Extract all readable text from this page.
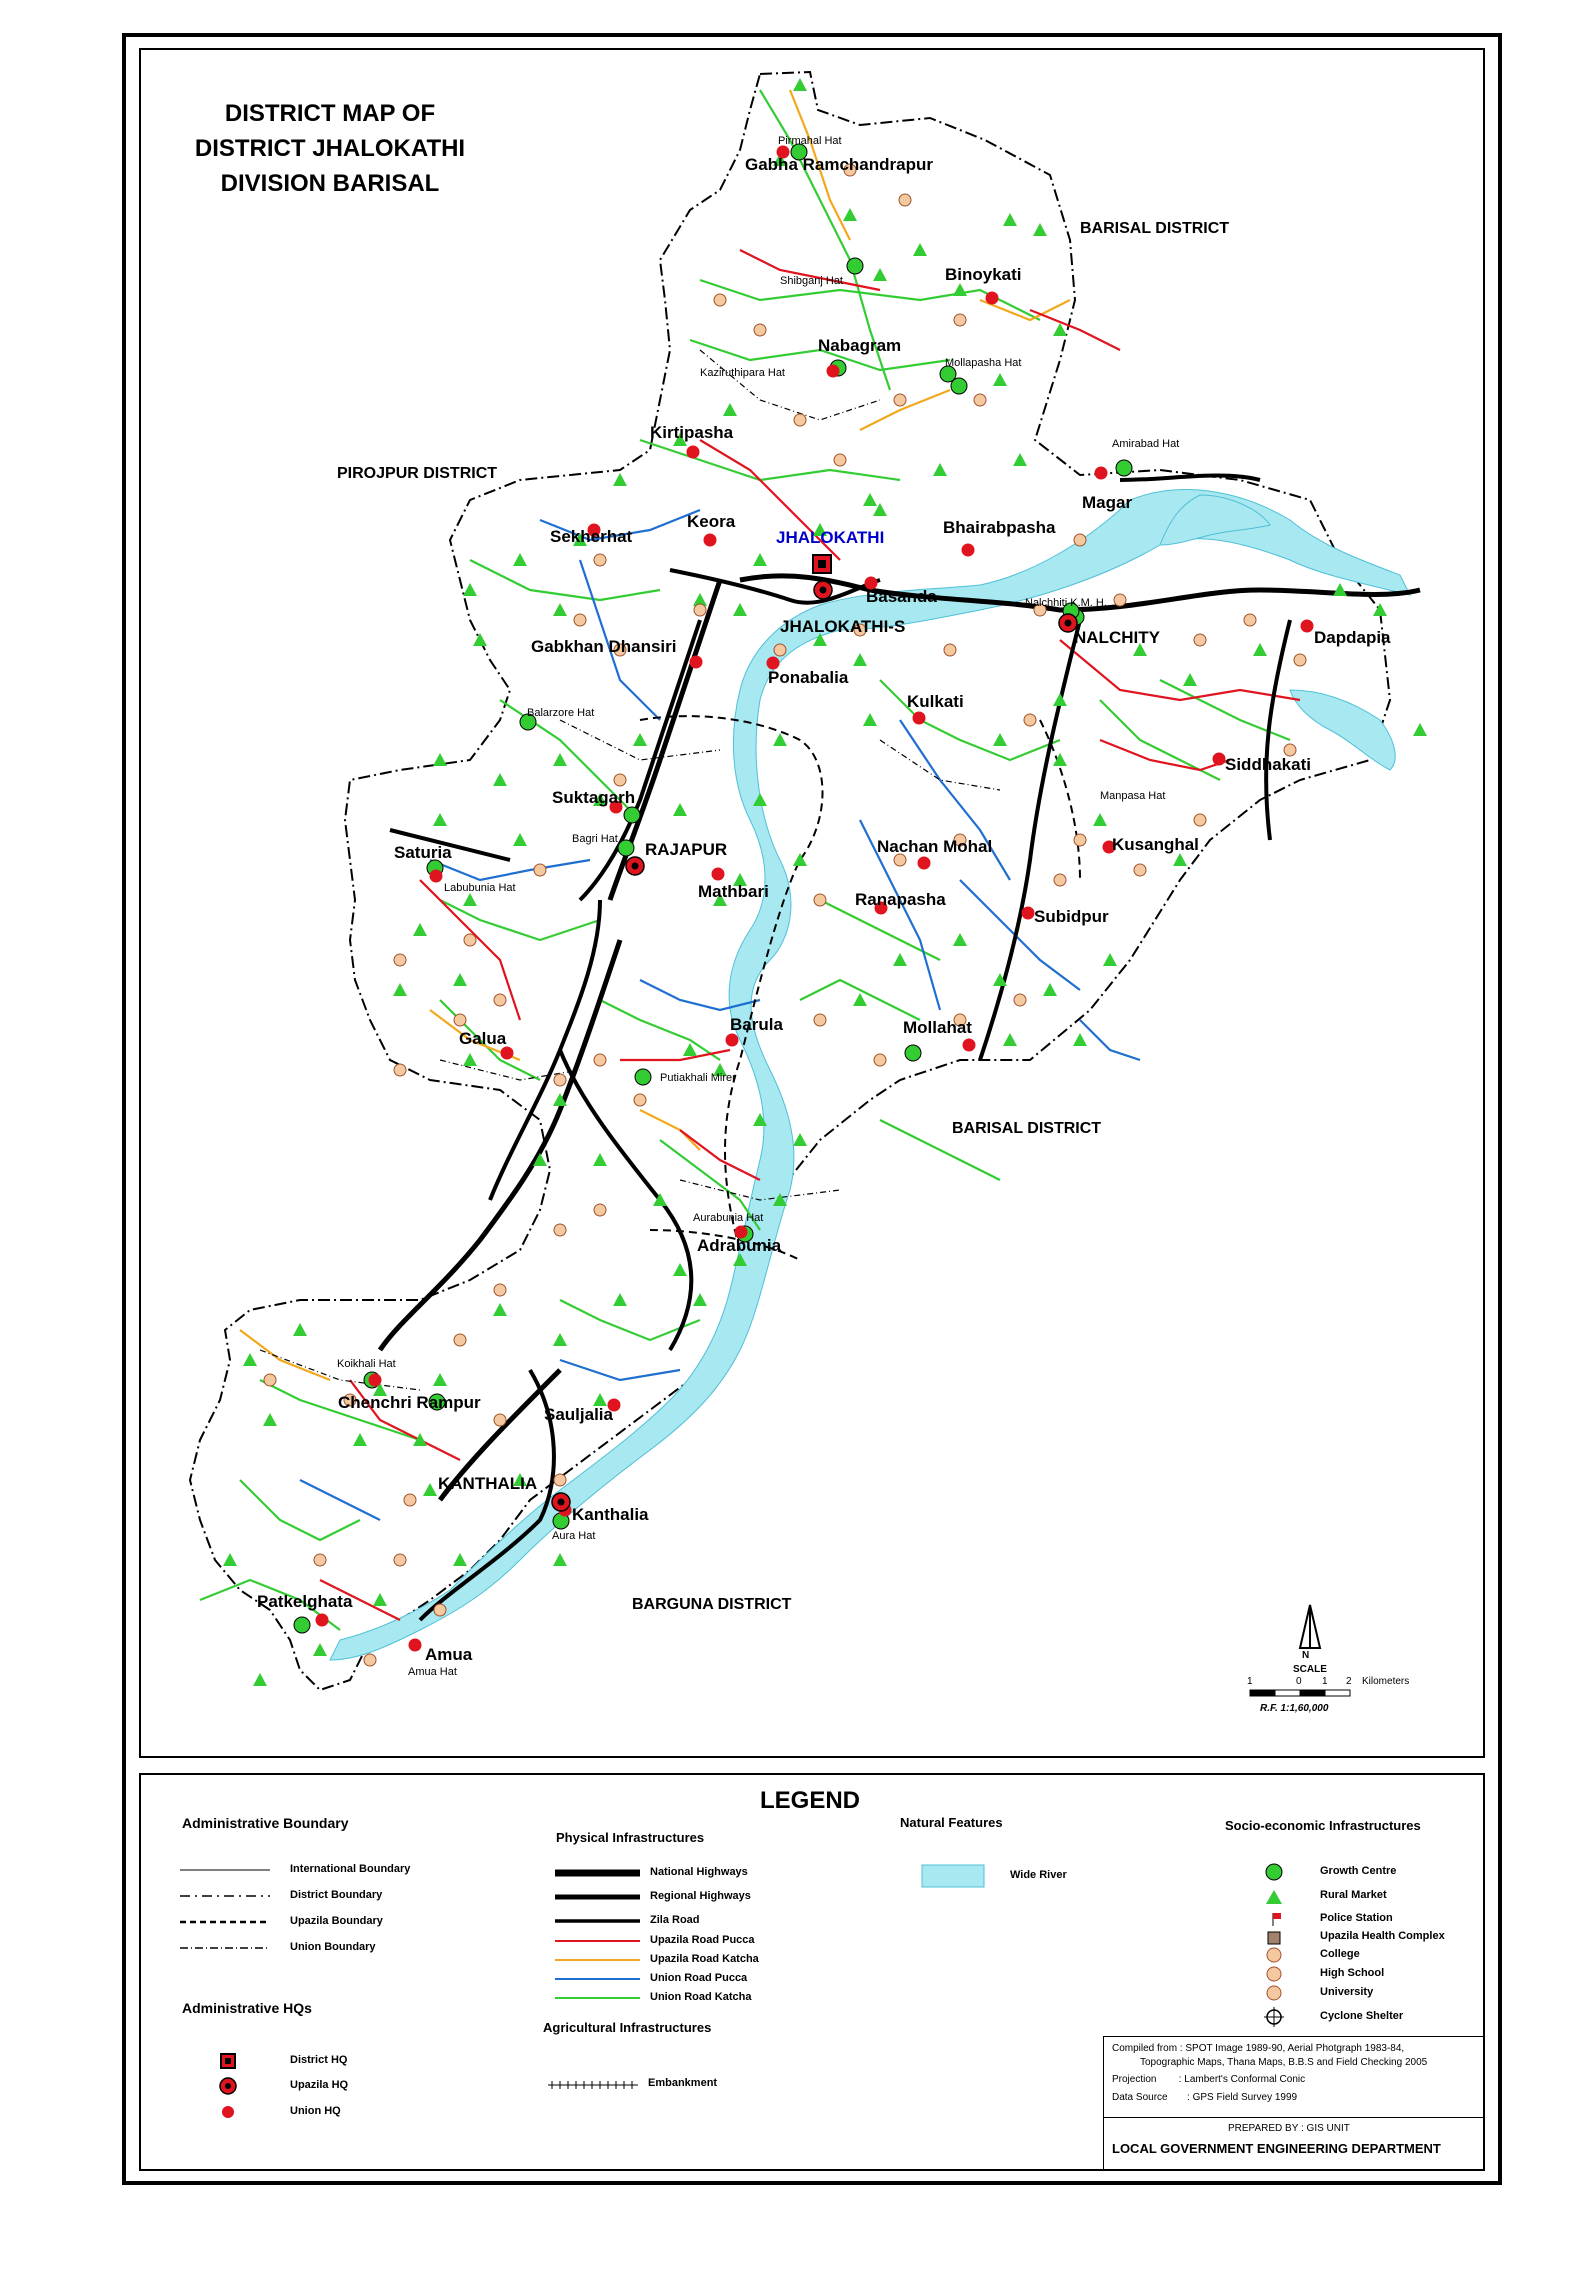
DISTRICT MAP OF
DISTRICT JHALOKATHI
DIVISION BARISAL
BARISAL DISTRICT
PIROJPUR DISTRICT
BARISAL DISTRICT
BARGUNA DISTRICT
JHALOKATHI
JHALOKATHI-S
NALCHITY
RAJAPUR
KANTHALIA
Gabha Ramchandrapur
Binoykati
Nabagram
Kirtipasha
Keora
Sekherhat
Magar
Bhairabpasha
Basanda
Gabkhan Dhansiri
Ponabalia
Kulkati
Dapdapia
Siddhakati
Suktagarh
Saturia
Mathbari
Nachan Mohal	Kusanghal
Ranapasha
Subidpur
Galua
Barula	Mollahat
Adrabunia
Chenchri Rampur
Sauljalia
Kanthalia
Patkelghata
Amua
Pirmahal Hat
Shibganj Hat
Mollapasha Hat
Kaziruthipara Hat
Amirabad Hat
Nalchhiti K.M. H.
Balarzore Hat
Manpasa Hat
Bagri Hat
Labubunia Hat
Putiakhali Mirer
Aurabunia Hat
Koikhali Hat
Aura Hat
Amua Hat
N
SCALE
1	0 1 2 Kilometers
R.F. 1:1,60,000
LEGEND
Administrative Boundary
International Boundary
District Boundary
Upazila Boundary
Union Boundary
Administrative HQs
District HQ
Upazila HQ
Union HQ
Physical Infrastructures
National Highways
Regional Highways
Zila Road
Upazila Road Pucca
Upazila Road Katcha
Union Road Pucca
Union Road Katcha
Agricultural Infrastructures
Embankment
Natural Features
Wide River
Socio-economic Infrastructures
Growth Centre
Rural Market
Police Station
Upazila Health Complex
College
High School
University
Cyclone Shelter
Compiled from : SPOT Image 1989-90, Aerial Photgraph 1983-84,
Topographic Maps, Thana Maps, B.B.S and Field Checking 2005
Projection        : Lambert's Conformal Conic
Data Source       : GPS Field Survey 1999
PREPARED BY : GIS UNIT
LOCAL GOVERNMENT ENGINEERING DEPARTMENT
